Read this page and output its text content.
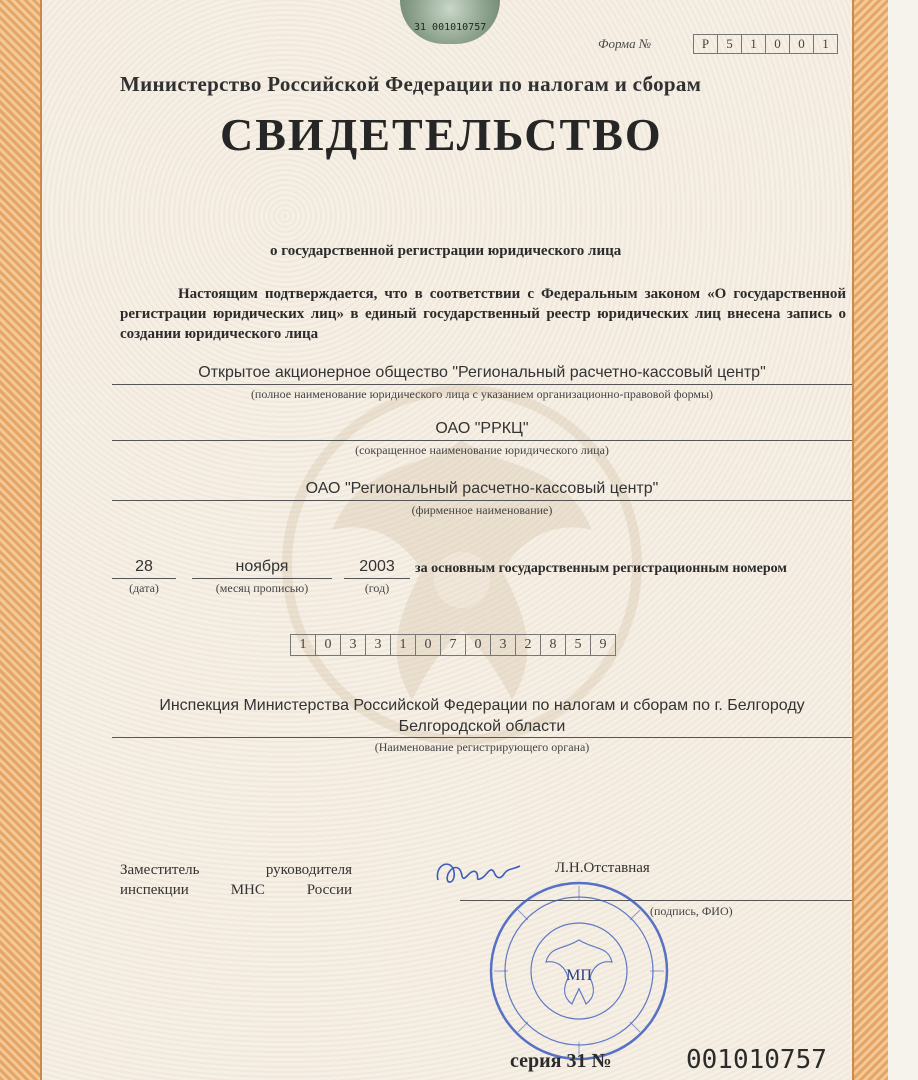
31 001010757
Форма №	Р	5	1	0	0	1
Министерство Российской Федерации по налогам и сборам
СВИДЕТЕЛЬСТВО
о государственной регистрации юридического лица
Настоящим подтверждается, что в соответствии с Федеральным законом «О государственной регистрации юридических лиц» в единый государственный реестр юридических лиц внесена запись о создании юридического лица
Открытое акционерное общество "Региональный расчетно-кассовый центр"
(полное наименование юридического лица с указанием организационно-правовой формы)
ОАО "РРКЦ"
(сокращенное наименование юридического лица)
ОАО "Региональный расчетно-кассовый центр"
(фирменное наименование)
28
(дата)
ноября
(месяц прописью)
2003
(год)
за основным государственным регистрационным номером
1	0	3	3	1	0	7	0	3	2	8	5	9
Инспекция Министерства Российской Федерации по налогам и сборам по г. Белгороду
Белгородской области
(Наименование регистрирующего органа)
Заместитель руководителя инспекции МНС России
Л.Н.Отставная
(подпись, ФИО)
МП
серия 31 №	001010757
